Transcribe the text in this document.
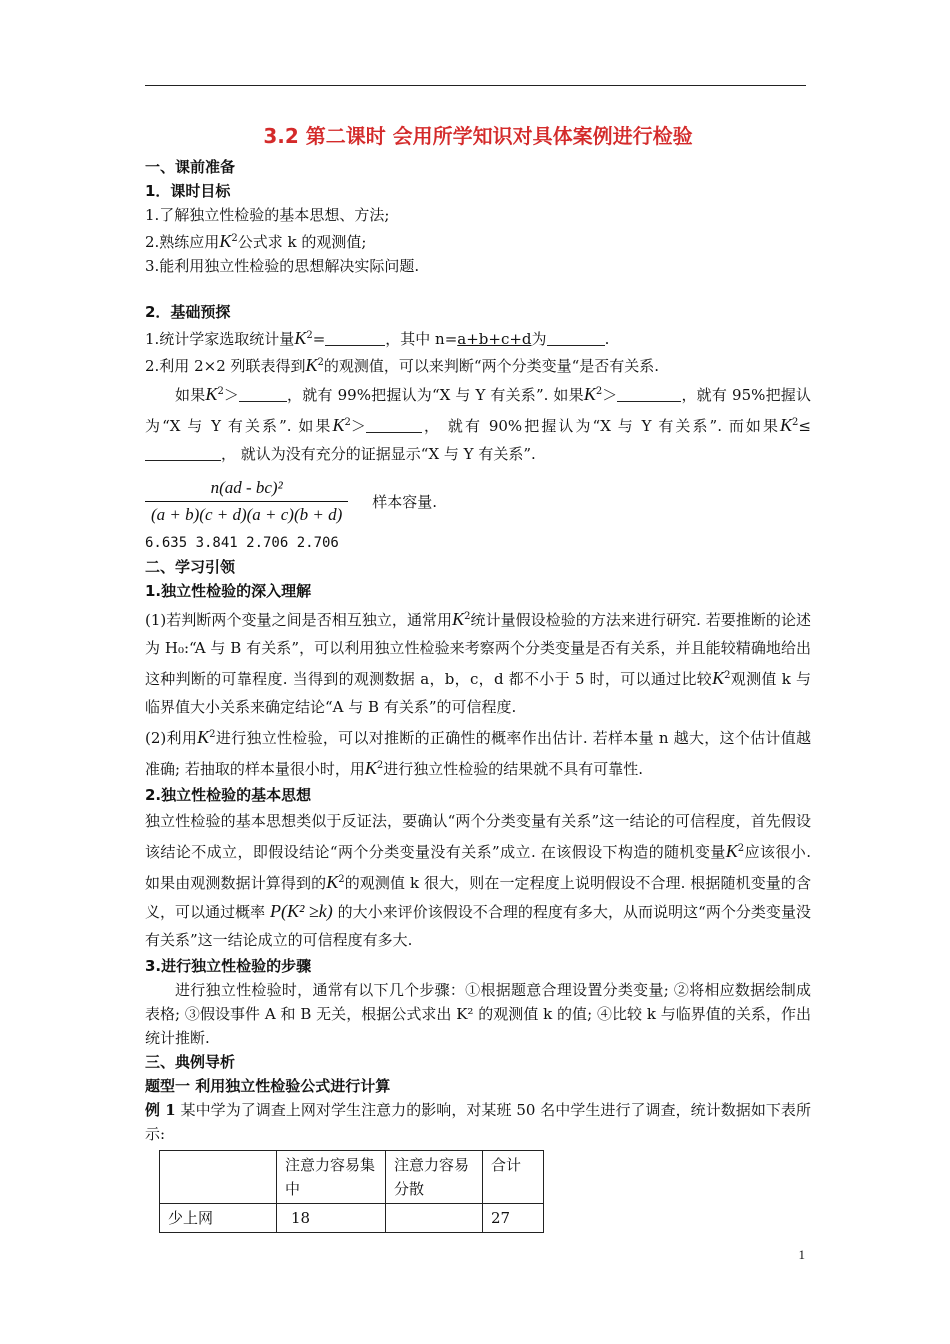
3.2 第二课时 会用所学知识对具体案例进行检验
一、课前准备
1．课时目标
1.了解独立性检验的基本思想、方法;
2.熟练应用$K^2$公式求 k 的观测值;
3.能利用独立性检验的思想解决实际问题.
2．基础预探
1.统计学家选取统计量$K^2=$	，其中 n=a+b+c+d为	.
2.利用 2×2 列联表得到$K^2$的观测值，可以来判断“两个分类变量“是否有关系.
如果$K^2>$	，就有 99%把握认为“X 与 Y 有关系”. 如果$K^2>$	，就有 95%把握认为“X 与 Y 有关系”. 如果$K^2>$	， 就有 90%把握认为“X 与 Y 有关系”. 而如果$K^2\le$， 就认为没有充分的证据显示“X 与 Y 有关系”.
$\frac{\text{n(ad - bc)²}}{(a + b)(c + d)(a + c)(b + d)}$ 样本容量.
6.635 3.841 2.706 2.706
二、学习引领
1.独立性检验的深入理解
(1)若判断两个变量之间是否相互独立，通常用$K^2$统计量假设检验的方法来进行研究. 若要推断的论述为 H₀:“A 与 B 有关系”，可以利用独立性检验来考察两个分类变量是否有关系，并且能较精确地给出这种判断的可靠程度. 当得到的观测数据 a，b，c，d 都不小于 5 时，可以通过比较$K^2$观测值 k 与临界值大小关系来确定结论“A 与 B 有关系”的可信程度.
(2)利用$K^2$进行独立性检验，可以对推断的正确性的概率作出估计. 若样本量 n 越大，这个估计值越准确; 若抽取的样本量很小时，用$K^2$进行独立性检验的结果就不具有可靠性.
2.独立性检验的基本思想
独立性检验的基本思想类似于反证法，要确认“两个分类变量有关系”这一结论的可信程度，首先假设该结论不成立，即假设结论“两个分类变量没有关系”成立. 在该假设下构造的随机变量$K^2$应该很小. 如果由观测数据计算得到的$K^2$的观测值 k 很大，则在一定程度上说明假设不合理. 根据随机变量的含义，可以通过概率 P(K² ≥k) 的大小来评价该假设不合理的程度有多大，从而说明这“两个分类变量没有关系”这一结论成立的可信程度有多大.
3.进行独立性检验的步骤
进行独立性检验时，通常有以下几个步骤：①根据题意合理设置分类变量; ②将相应数据绘制成表格; ③假设事件 A 和 B 无关，根据公式求出 K² 的观测值 k 的值; ④比较 k 与临界值的关系，作出统计推断.
三、典例导析
题型一 利用独立性检验公式进行计算
例 1 某中学为了调查上网对学生注意力的影响，对某班 50 名中学生进行了调查，统计数据如下表所示:
	注意力容易集中	注意力容易分散	合计
少上网	18		27
1
